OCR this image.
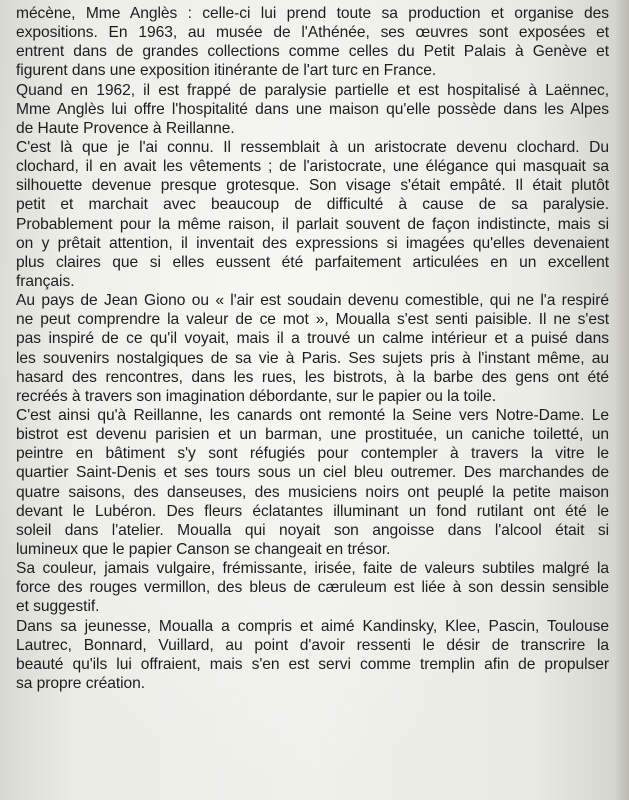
mécène, Mme Anglès : celle-ci lui prend toute sa production et organise des
expositions. En 1963, au musée de l'Athénée, ses œuvres sont exposées et
entrent dans de grandes collections comme celles du Petit Palais à Genève et
figurent dans une exposition itinérante de l'art turc en France.

Quand en 1962, il est frappé de paralysie partielle et est hospitalisé à Laënnec,
Mme Anglès lui offre l'hospitalité dans une maison qu'elle possède dans les Alpes
de Haute Provence à Reillanne.

C'est là que je l'ai connu. Il ressemblait à un aristocrate devenu clochard. Du
clochard, il en avait les vêtements ; de l'aristocrate, une élégance qui masquait sa
silhouette devenue presque grotesque. Son visage s'était empâté. Il était plutôt
petit et marchait avec beaucoup de difficulté à cause de sa paralysie.
Probablement pour la même raison, il parlait souvent de façon indistincte, mais si
on y prêtait attention, il inventait des expressions si imagées qu'elles devenaient
plus claires que si elles eussent été parfaitement articulées en un excellent
français.

Au pays de Jean Giono ou « l'air est soudain devenu comestible, qui ne l'a respiré
ne peut comprendre la valeur de ce mot », Moualla s'est senti paisible. Il ne s'est
pas inspiré de ce qu'il voyait, mais il a trouvé un calme intérieur et a puisé dans
les souvenirs nostalgiques de sa vie à Paris. Ses sujets pris à l'instant même, au
hasard des rencontres, dans les rues, les bistrots, à la barbe des gens ont été
recréés à travers son imagination débordante, sur le papier ou la toile.

C'est ainsi qu'à Reillanne, les canards ont remonté la Seine vers Notre-Dame. Le
bistrot est devenu parisien et un barman, une prostituée, un caniche toiletté, un
peintre en bâtiment s'y sont réfugiés pour contempler à travers la vitre le
quartier Saint-Denis et ses tours sous un ciel bleu outremer. Des marchandes de
quatre saisons, des danseuses, des musiciens noirs ont peuplé la petite maison
devant le Lubéron. Des fleurs éclatantes illuminant un fond rutilant ont été le
soleil dans l'atelier. Moualla qui noyait son angoisse dans l'alcool était si
lumineux que le papier Canson se changeait en trésor.

Sa couleur, jamais vulgaire, frémissante, irisée, faite de valeurs subtiles malgré la
force des rouges vermillon, des bleus de cæruleum est liée à son dessin sensible
et suggestif.

Dans sa jeunesse, Moualla a compris et aimé Kandinsky, Klee, Pascin, Toulouse
Lautrec, Bonnard, Vuillard, au point d'avoir ressenti le désir de transcrire la
beauté qu'ils lui offraient, mais s'en est servi comme tremplin afin de propulser
sa propre création.
